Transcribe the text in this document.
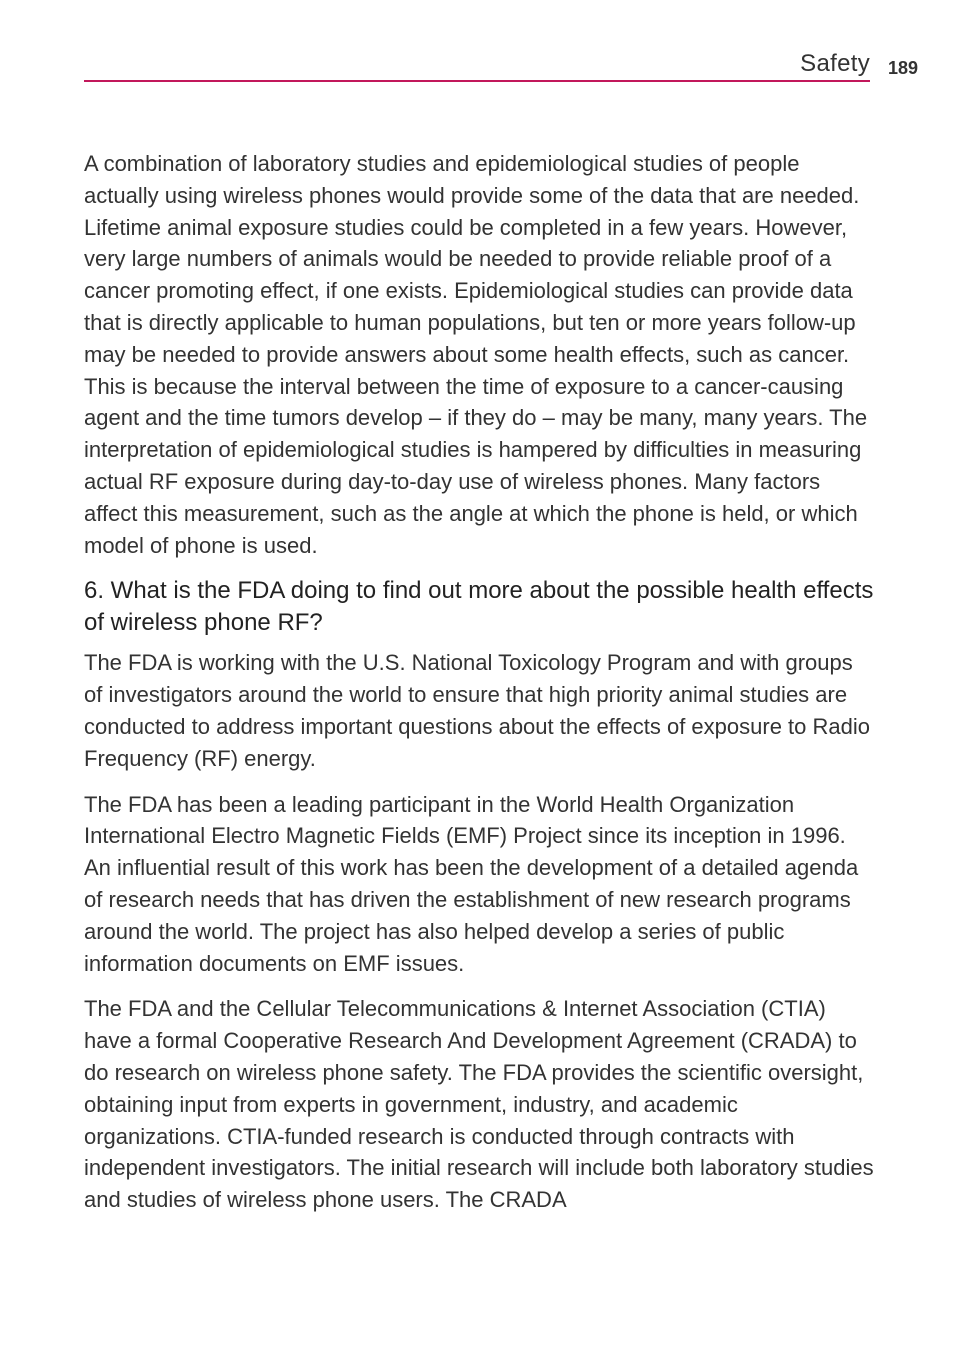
Safety 189

A combination of laboratory studies and epidemiological studies of people actually using wireless phones would provide some of the data that are needed. Lifetime animal exposure studies could be completed in a few years. However, very large numbers of animals would be needed to provide reliable proof of a cancer promoting effect, if one exists. Epidemiological studies can provide data that is directly applicable to human populations, but ten or more years follow-up may be needed to provide answers about some health effects, such as cancer. This is because the interval between the time of exposure to a cancer-causing agent and the time tumors develop – if they do – may be many, many years. The interpretation of epidemiological studies is hampered by difficulties in measuring actual RF exposure during day-to-day use of wireless phones. Many factors affect this measurement, such as the angle at which the phone is held, or which model of phone is used.

6. What is the FDA doing to find out more about the possible health effects of wireless phone RF?

The FDA is working with the U.S. National Toxicology Program and with groups of investigators around the world to ensure that high priority animal studies are conducted to address important questions about the effects of exposure to Radio Frequency (RF) energy.

The FDA has been a leading participant in the World Health Organization International Electro Magnetic Fields (EMF) Project since its inception in 1996. An influential result of this work has been the development of a detailed agenda of research needs that has driven the establishment of new research programs around the world. The project has also helped develop a series of public information documents on EMF issues.

The FDA and the Cellular Telecommunications & Internet Association (CTIA) have a formal Cooperative Research And Development Agreement (CRADA) to do research on wireless phone safety. The FDA provides the scientific oversight, obtaining input from experts in government, industry, and academic organizations. CTIA-funded research is conducted through contracts with independent investigators. The initial research will include both laboratory studies and studies of wireless phone users. The CRADA
